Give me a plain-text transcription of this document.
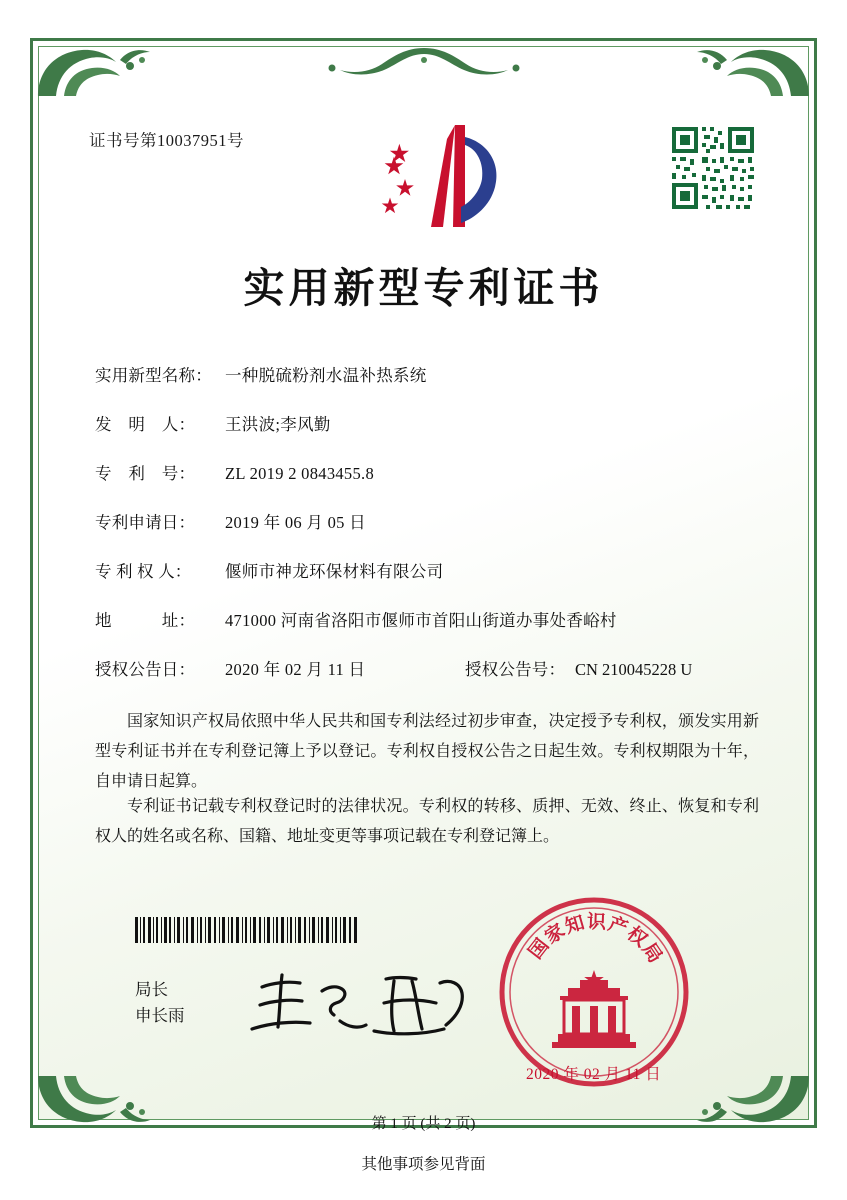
证书号第10037951号
实用新型专利证书
实用新型名称： 一种脱硫粉剂水温补热系统
发　明　人：	王洪波;李风勤
专　利　号：	ZL 2019 2 0843455.8
专利申请日：	2019 年 06 月 05 日
专 利 权 人：	偃师市神龙环保材料有限公司
地　　　址：	471000 河南省洛阳市偃师市首阳山街道办事处香峪村
授权公告日：	2020 年 02 月 11 日	授权公告号： CN 210045228 U
国家知识产权局依照中华人民共和国专利法经过初步审查，决定授予专利权，颁发实用新型专利证书并在专利登记簿上予以登记。专利权自授权公告之日起生效。专利权期限为十年，自申请日起算。
专利证书记载专利权登记时的法律状况。专利权的转移、质押、无效、终止、恢复和专利权人的姓名或名称、国籍、地址变更等事项记载在专利登记簿上。
局长
申长雨
国
家
知 识
产
权
局
2020 年 02 月 11 日
第 1 页 (共 2 页)
其他事项参见背面
